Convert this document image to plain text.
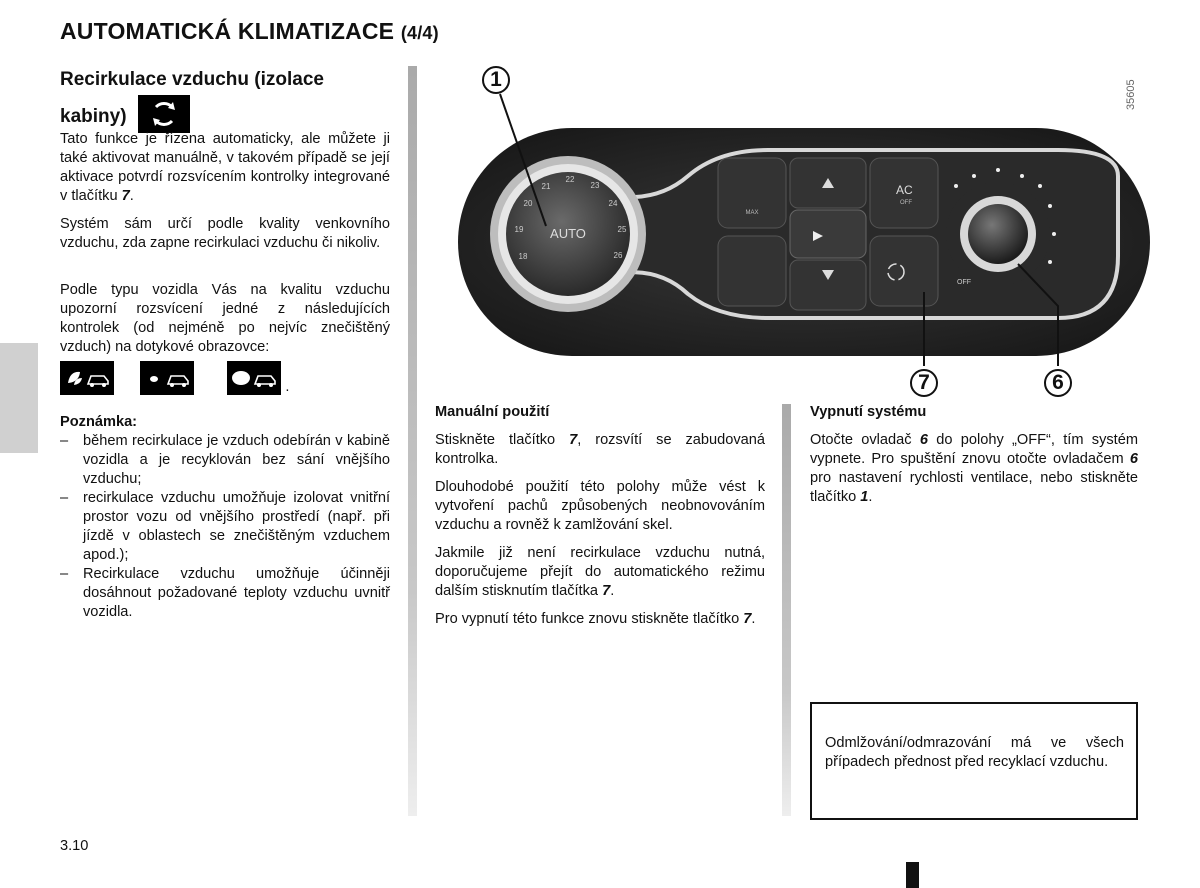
AUTOMATICKÁ KLIMATIZACE (4/4)
Recirkulace vzduchu (izolace
kabiny)

Tato funkce je řízena automaticky, ale můžete ji také aktivovat manuálně, v takovém případě se její aktivace potvrdí rozsvícením kontrolky integrované v tlačítku 7.

Systém sám určí podle kvality venkovního vzduchu, zda zapne recirkulaci vzduchu či nikoliv.

Podle typu vozidla Vás na kvalitu vzduchu upozorní rozsvícení jedné z následujících kontrolek (od nejméně po nejvíc znečištěný vzduch) na dotykové obrazovce:

.

Poznámka:

– během recirkulace je vzduch odebírán v kabině vozidla a je recyklován bez sání vnějšího vzduchu;
– recirkulace vzduchu umožňuje izolovat vnitřní prostor vozu od vnějšího prostředí (např. při jízdě v oblastech se znečištěným vzduchem apod.);
– Recirkulace vzduchu umožňuje účinněji dosáhnout požadované teploty vzduchu uvnitř vozidla.
AUTO
18
19
20
21
22
23
24
25
26
MAX
AC
OFF
OFF
35605
1
7	6

Manuální použití

Stiskněte tlačítko 7, rozsvítí se zabudovaná kontrolka.

Dlouhodobé použití této polohy může vést k vytvoření pachů způsobených neobnovováním vzduchu a rovněž k zamlžování skel.

Jakmile již není recirkulace vzduchu nutná, doporučujeme přejít do automatického režimu dalším stisknutím tlačítka 7.

Pro vypnutí této funkce znovu stiskněte tlačítko 7.

Vypnutí systému

Otočte ovladač 6 do polohy „OFF“, tím systém vypnete. Pro spuštění znovu otočte ovladačem 6 pro nastavení rychlosti ventilace, nebo stiskněte tlačítko 1.

Odmlžování/odmrazování má ve všech případech přednost před recyklací vzduchu.

3.10
